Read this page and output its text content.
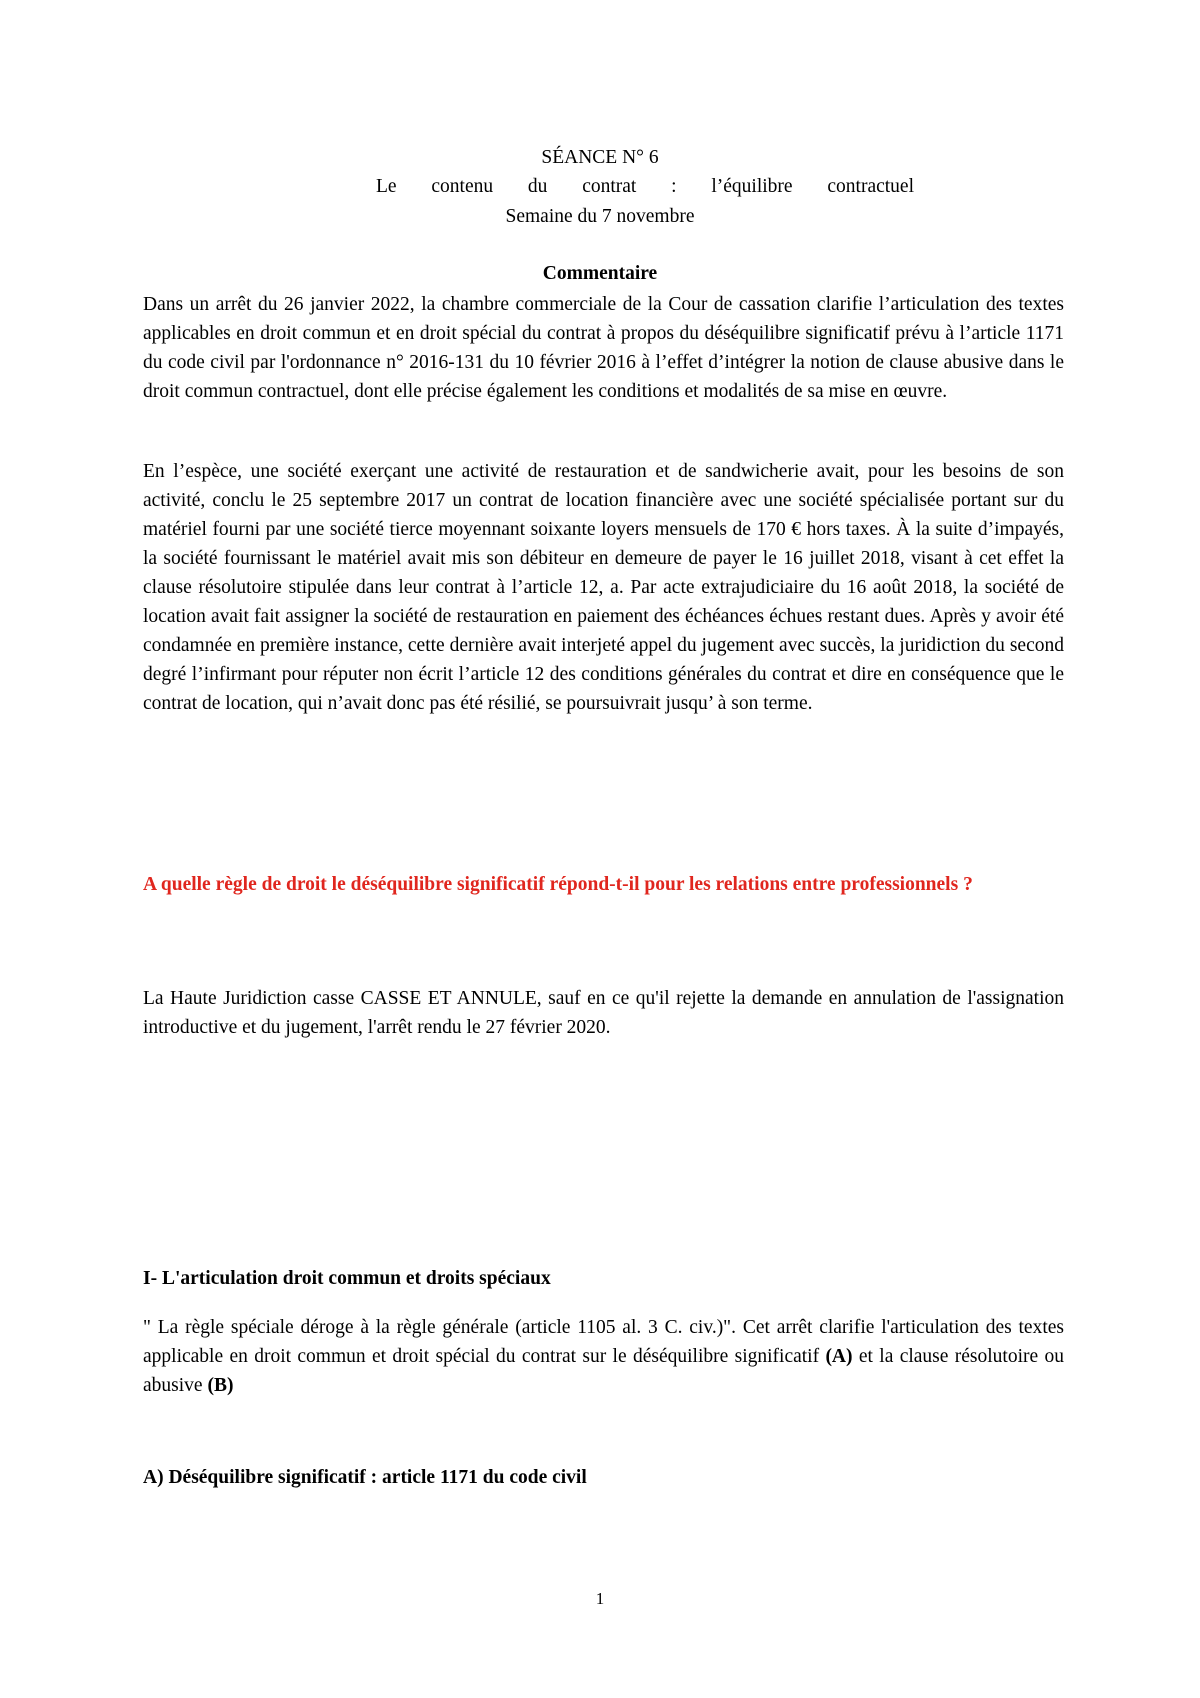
SÉANCE N° 6
Le contenu du contrat : l’équilibre contractuel
Semaine du 7 novembre
Commentaire

Dans un arrêt du 26 janvier 2022, la chambre commerciale de la Cour de cassation clarifie l’articulation des textes applicables en droit commun et en droit spécial du contrat à propos du déséquilibre significatif prévu à l’article 1171 du code civil par l'ordonnance n° 2016-131 du 10 février 2016 à l’effet d’intégrer la notion de clause abusive dans le droit commun contractuel, dont elle précise également les conditions et modalités de sa mise en œuvre.

En l’espèce, une société exerçant une activité de restauration et de sandwicherie avait, pour les besoins de son activité, conclu le 25 septembre 2017 un contrat de location financière avec une société spécialisée portant sur du matériel fourni par une société tierce moyennant soixante loyers mensuels de 170 € hors taxes. À la suite d’impayés, la société fournissant le matériel avait mis son débiteur en demeure de payer le 16 juillet 2018, visant à cet effet la clause résolutoire stipulée dans leur contrat à l’article 12, a. Par acte extrajudiciaire du 16 août 2018, la société de location avait fait assigner la société de restauration en paiement des échéances échues restant dues. Après y avoir été condamnée en première instance, cette dernière avait interjeté appel du jugement avec succès, la juridiction du second degré l’infirmant pour réputer non écrit l’article 12 des conditions générales du contrat et dire en conséquence que le contrat de location, qui n’avait donc pas été résilié, se poursuivrait jusqu’ à son terme.

A quelle règle de droit le déséquilibre significatif répond-t-il pour les relations entre professionnels ?

La Haute Juridiction casse CASSE ET ANNULE, sauf en ce qu'il rejette la demande en annulation de l'assignation introductive et du jugement, l'arrêt rendu le 27 février 2020.

I- L'articulation droit commun et droits spéciaux

" La règle spéciale déroge à la règle générale (article 1105 al. 3 C. civ.)". Cet arrêt clarifie l'articulation des textes applicable en droit commun et droit spécial du contrat sur le déséquilibre significatif (A) et la clause résolutoire ou abusive (B)

A) Déséquilibre significatif : article 1171 du code civil
1
